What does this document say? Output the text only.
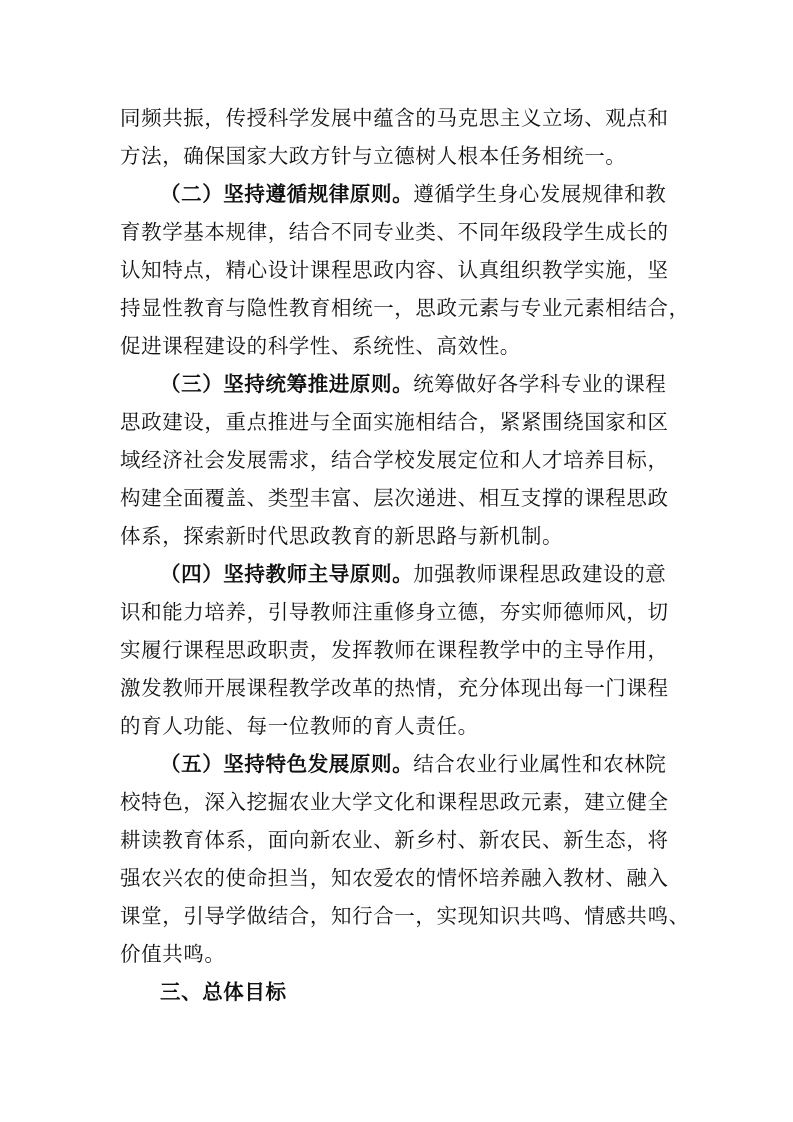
同频共振，传授科学发展中蕴含的马克思主义立场、观点和
方法，确保国家大政方针与立德树人根本任务相统一。
（二）坚持遵循规律原则。遵循学生身心发展规律和教
育教学基本规律，结合不同专业类、不同年级段学生成长的
认知特点，精心设计课程思政内容、认真组织教学实施，坚
持显性教育与隐性教育相统一，思政元素与专业元素相结合，
促进课程建设的科学性、系统性、高效性。
（三）坚持统筹推进原则。统筹做好各学科专业的课程
思政建设，重点推进与全面实施相结合，紧紧围绕国家和区
域经济社会发展需求，结合学校发展定位和人才培养目标，
构建全面覆盖、类型丰富、层次递进、相互支撑的课程思政
体系，探索新时代思政教育的新思路与新机制。
（四）坚持教师主导原则。加强教师课程思政建设的意
识和能力培养，引导教师注重修身立德，夯实师德师风，切
实履行课程思政职责，发挥教师在课程教学中的主导作用，
激发教师开展课程教学改革的热情，充分体现出每一门课程
的育人功能、每一位教师的育人责任。
（五）坚持特色发展原则。结合农业行业属性和农林院
校特色，深入挖掘农业大学文化和课程思政元素，建立健全
耕读教育体系，面向新农业、新乡村、新农民、新生态，将
强农兴农的使命担当，知农爱农的情怀培养融入教材、融入
课堂，引导学做结合，知行合一，实现知识共鸣、情感共鸣、
价值共鸣。
三、总体目标
